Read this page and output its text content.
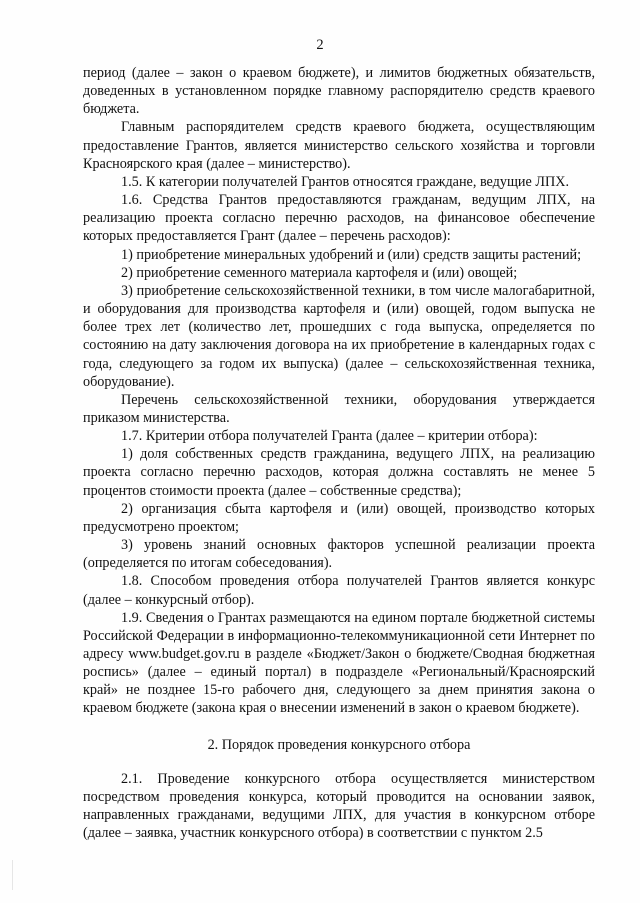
2

период (далее – закон о краевом бюджете), и лимитов бюджетных обязательств, доведенных в установленном порядке главному распорядителю средств краевого бюджета.

Главным распорядителем средств краевого бюджета, осуществляющим предоставление Грантов, является министерство сельского хозяйства и торговли Красноярского края (далее – министерство).

1.5. К категории получателей Грантов относятся граждане, ведущие ЛПХ.

1.6. Средства Грантов предоставляются гражданам, ведущим ЛПХ, на реализацию проекта согласно перечню расходов, на финансовое обеспечение которых предоставляется Грант (далее – перечень расходов):

1) приобретение минеральных удобрений и (или) средств защиты растений;

2) приобретение семенного материала картофеля и (или) овощей;

3) приобретение сельскохозяйственной техники, в том числе малогабаритной, и оборудования для производства картофеля и (или) овощей, годом выпуска не более трех лет (количество лет, прошедших с года выпуска, определяется по состоянию на дату заключения договора на их приобретение в календарных годах с года, следующего за годом их выпуска) (далее – сельскохозяйственная техника, оборудование).

Перечень сельскохозяйственной техники, оборудования утверждается приказом министерства.

1.7. Критерии отбора получателей Гранта (далее – критерии отбора):

1) доля собственных средств гражданина, ведущего ЛПХ, на реализацию проекта согласно перечню расходов, которая должна составлять не менее 5 процентов стоимости проекта (далее – собственные средства);

2) организация сбыта картофеля и (или) овощей, производство которых предусмотрено проектом;

3) уровень знаний основных факторов успешной реализации проекта (определяется по итогам собеседования).

1.8. Способом проведения отбора получателей Грантов является конкурс (далее – конкурсный отбор).

1.9. Сведения о Грантах размещаются на едином портале бюджетной системы Российской Федерации в информационно-телекоммуникационной сети Интернет по адресу www.budget.gov.ru в разделе «Бюджет/Закон о бюджете/Сводная бюджетная роспись» (далее – единый портал) в подразделе «Региональный/Красноярский край» не позднее 15-го рабочего дня, следующего за днем принятия закона о краевом бюджете (закона края о внесении изменений в закон о краевом бюджете).

2. Порядок проведения конкурсного отбора

2.1. Проведение конкурсного отбора осуществляется министерством посредством проведения конкурса, который проводится на основании заявок, направленных гражданами, ведущими ЛПХ, для участия в конкурсном отборе (далее – заявка, участник конкурсного отбора) в соответствии с пунктом 2.5
